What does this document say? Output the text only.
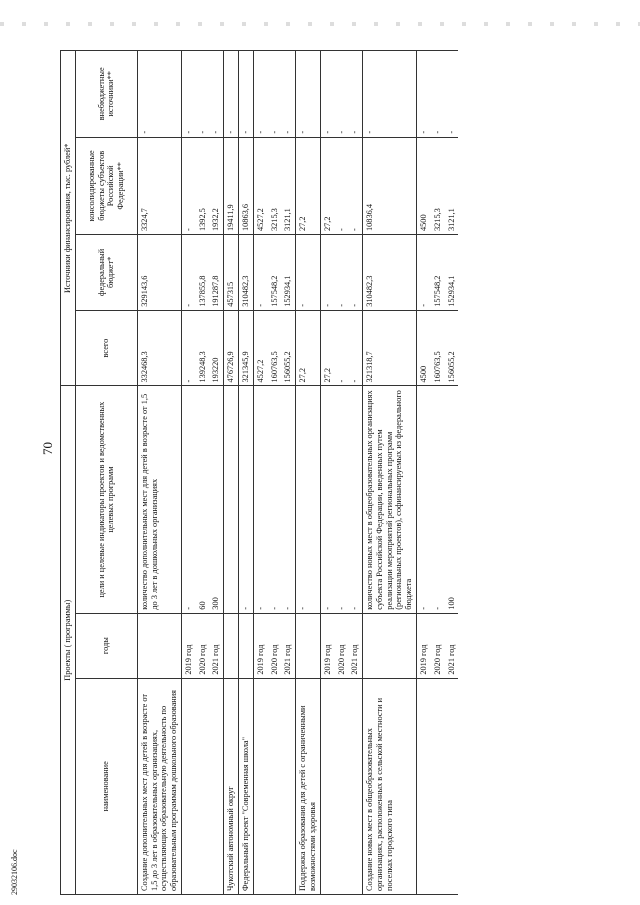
70
29032106.doc
Проекты ( программы)			Источники финансирования, тыс. рублей*			
наименование	годы	цели и целевые индикаторы проектов и ведомственных целевых программ	всего	федеральный бюджет*	консолидированные бюджеты субъектов Российской Федерации**	внебюджетные источники**
Создание дополнительных мест для детей в возрасте от 1,5 до 3 лет в образовательных организациях, осуществляющих образовательную деятельность по образовательным программам дошкольного образования		количество дополнительных мест для детей в возрасте от 1,5 до 3 лет в дошкольных организациях	332468,3	329143,6	3324,7	-
	2019 год	-	-	-	-	-
	2020 год	60	139248,3	137855,8	1392,5	-
	2021 год	300	193220	191287,8	1932,2	-
Чукотский автономный округ			476726,9	457315	19411,9	-
Федеральный проект "Современная школа"		-	321345,9	310482,3	10863,6	-
	2019 год	-	4527,2	-	4527,2	-
	2020 год	-	160763,5	157548,2	3215,3	-
	2021 год	-	156055,2	152934,1	3121,1	-
Поддержка образования для детей с ограниченными возможностями здоровья		-	27,2	-	27,2	-
	2019 год	-	27,2	-	27,2	-
	2020 год	-	-	-	-	-
	2021 год	-	-	-	-	-
Создание новых мест в общеобразовательных организациях, расположенных в сельской местности и поселках городского типа		количество новых мест в общеобразовательных организациях субъекта Российской Федерации, введенных путем реализации мероприятий региональных программ (региональных проектов), софинансируемых из федерального бюджета	321318,7	310482,3	10836,4	-
	2019 год	-	4500	-	4500	-
	2020 год	-	160763,5	157548,2	3215,3	-
	2021 год	100	156055,2	152934,1	3121,1	-
